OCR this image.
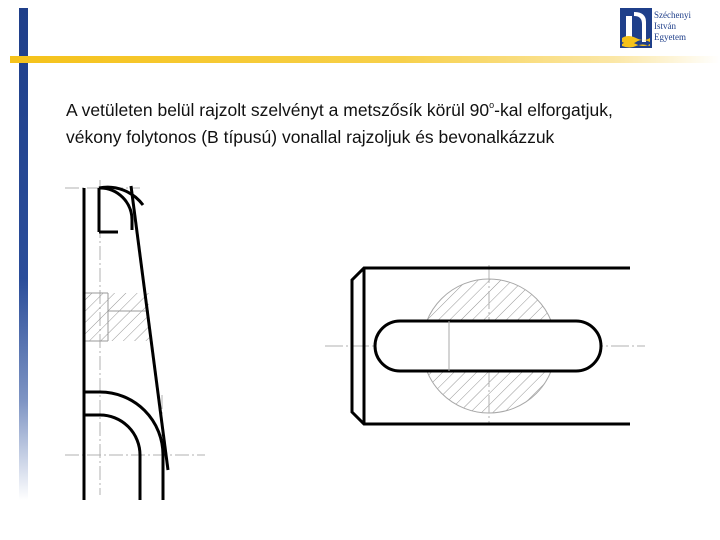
Széchenyi
István
Egyetem
A vetületen belül rajzolt szelvényt a metszősík körül 90$^o$-kal elforgatjuk,
vékony folytonos (B típusú) vonallal rajzoljuk és bevonalkázzuk
